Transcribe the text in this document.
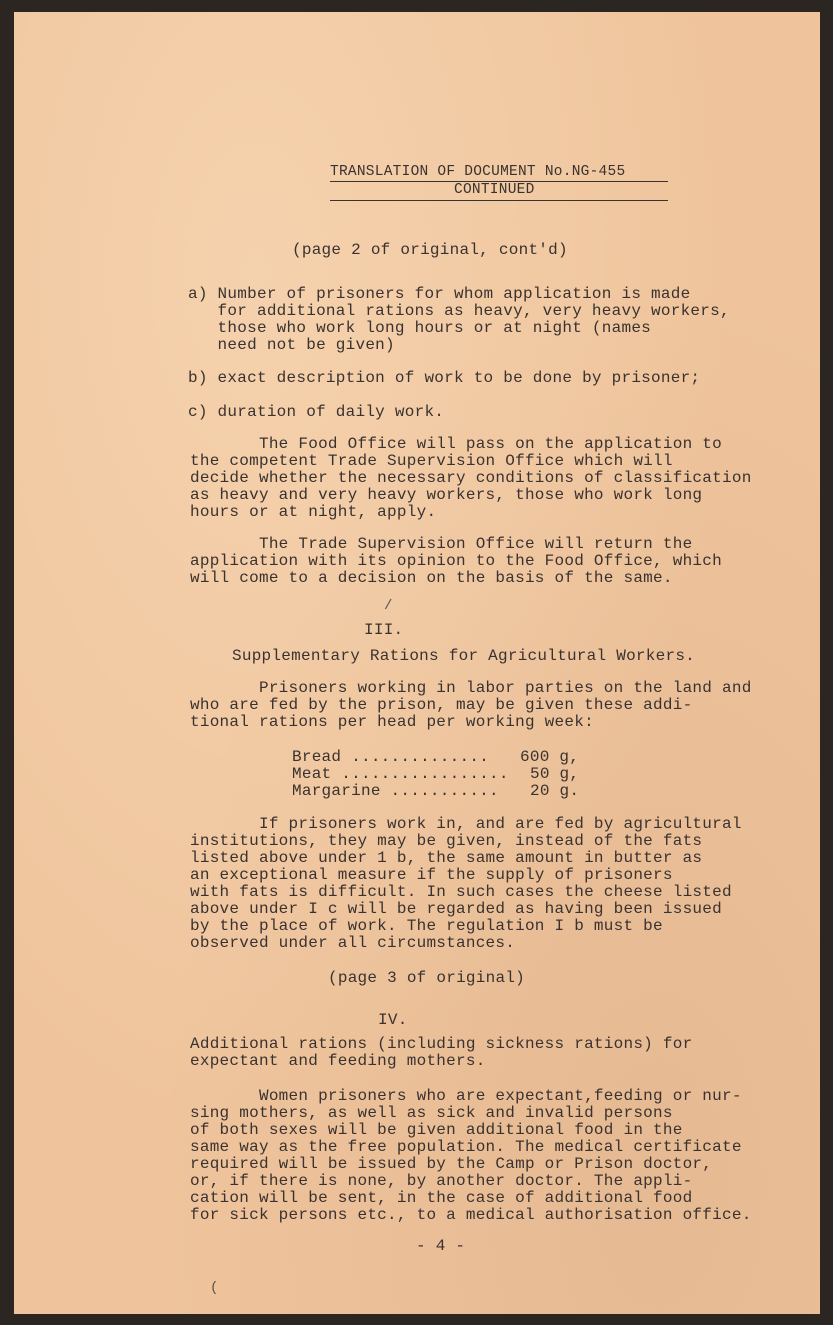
TRANSLATION OF DOCUMENT No.NG-455
CONTINUED
(page 2 of original, cont'd)
a) Number of prisoners for whom application is made
for additional rations as heavy, very heavy workers,
those who work long hours or at night (names
need not be given)
b) exact description of work to be done by prisoner;
c) duration of daily work.
The Food Office will pass on the application to
the competent Trade Supervision Office which will
decide whether the necessary conditions of classification
as heavy and very heavy workers, those who work long
hours or at night, apply.
The Trade Supervision Office will return the
application with its opinion to the Food Office, which
will come to a decision on the basis of the same.
/
III.
Supplementary Rations for Agricultural Workers.
Prisoners working in labor parties on the land and
who are fed by the prison, may be given these addi-
tional rations per head per working week:
Bread .............. 600 g,
Meat ................. 50 g,
Margarine ........... 20 g.
If prisoners work in, and are fed by agricultural
institutions, they may be given, instead of the fats
listed above under 1 b, the same amount in butter as
an exceptional measure if the supply of prisoners
with fats is difficult. In such cases the cheese listed
above under I c will be regarded as having been issued
by the place of work. The regulation I b must be
observed under all circumstances.
(page 3 of original)
IV.
Additional rations (including sickness rations) for
expectant and feeding mothers.
Women prisoners who are expectant,feeding or nur-
sing mothers, as well as sick and invalid persons
of both sexes will be given additional food in the
same way as the free population. The medical certificate
required will be issued by the Camp or Prison doctor,
or, if there is none, by another doctor. The appli-
cation will be sent, in the case of additional food
for sick persons etc., to a medical authorisation office.
- 4 -
(
